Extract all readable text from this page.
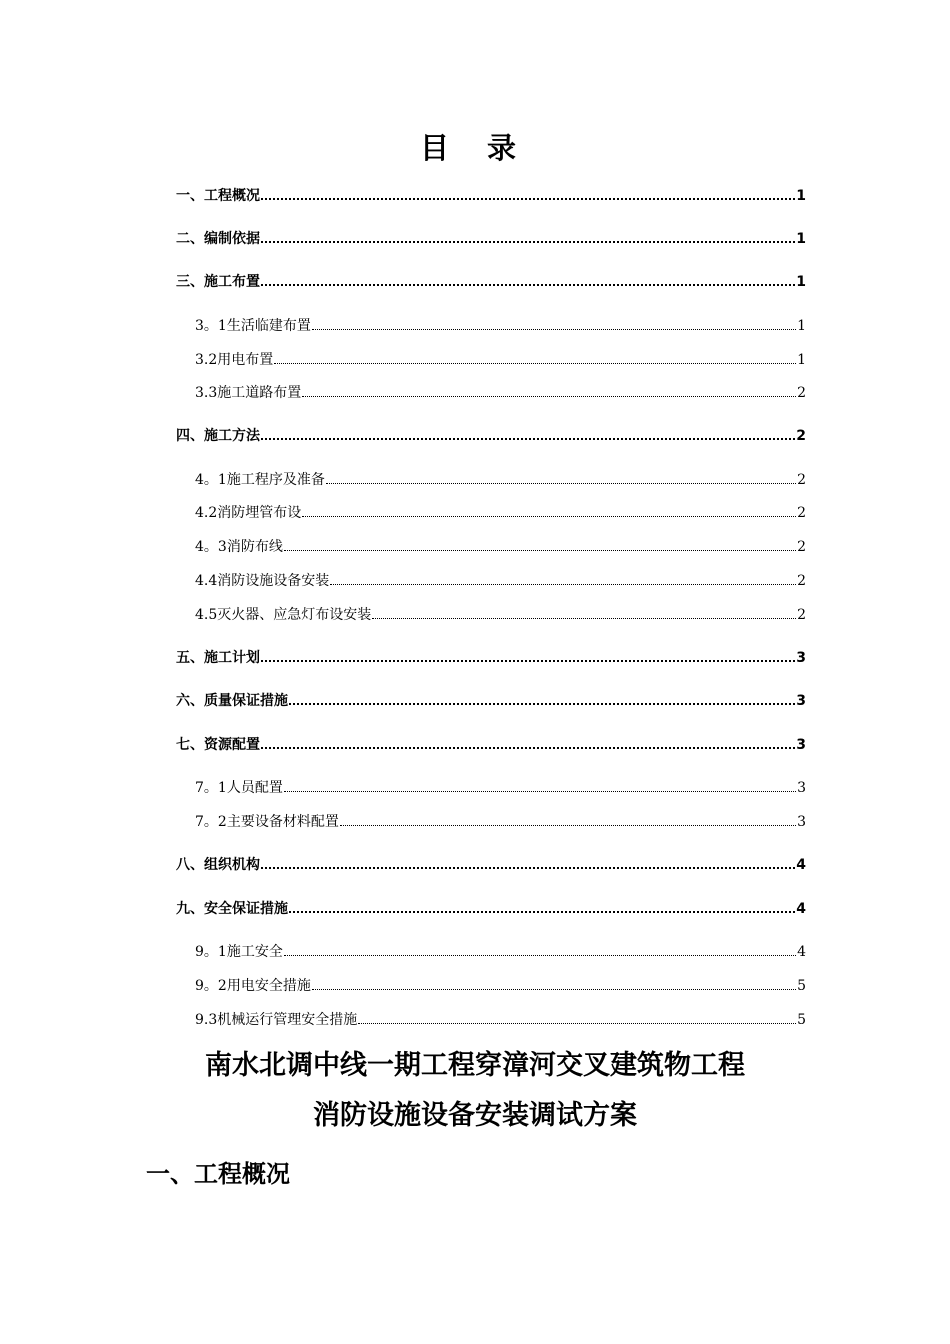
目 录
一、工程概况	1
二、编制依据	1
三、施工布置	1
3。1生活临建布置	1
3.2用电布置	1
3.3施工道路布置	2
四、施工方法	2
4。1施工程序及准备	2
4.2消防埋管布设	2
4。3消防布线	2
4.4消防设施设备安装	2
4.5灭火器、应急灯布设安装	2
五、施工计划	3
六、质量保证措施	3
七、资源配置	3
7。1人员配置	3
7。2主要设备材料配置	3
八、组织机构	4
九、安全保证措施	4
9。1施工安全	4
9。2用电安全措施	5
9.3机械运行管理安全措施	5
南水北调中线一期工程穿漳河交叉建筑物工程
消防设施设备安装调试方案
一、工程概况
